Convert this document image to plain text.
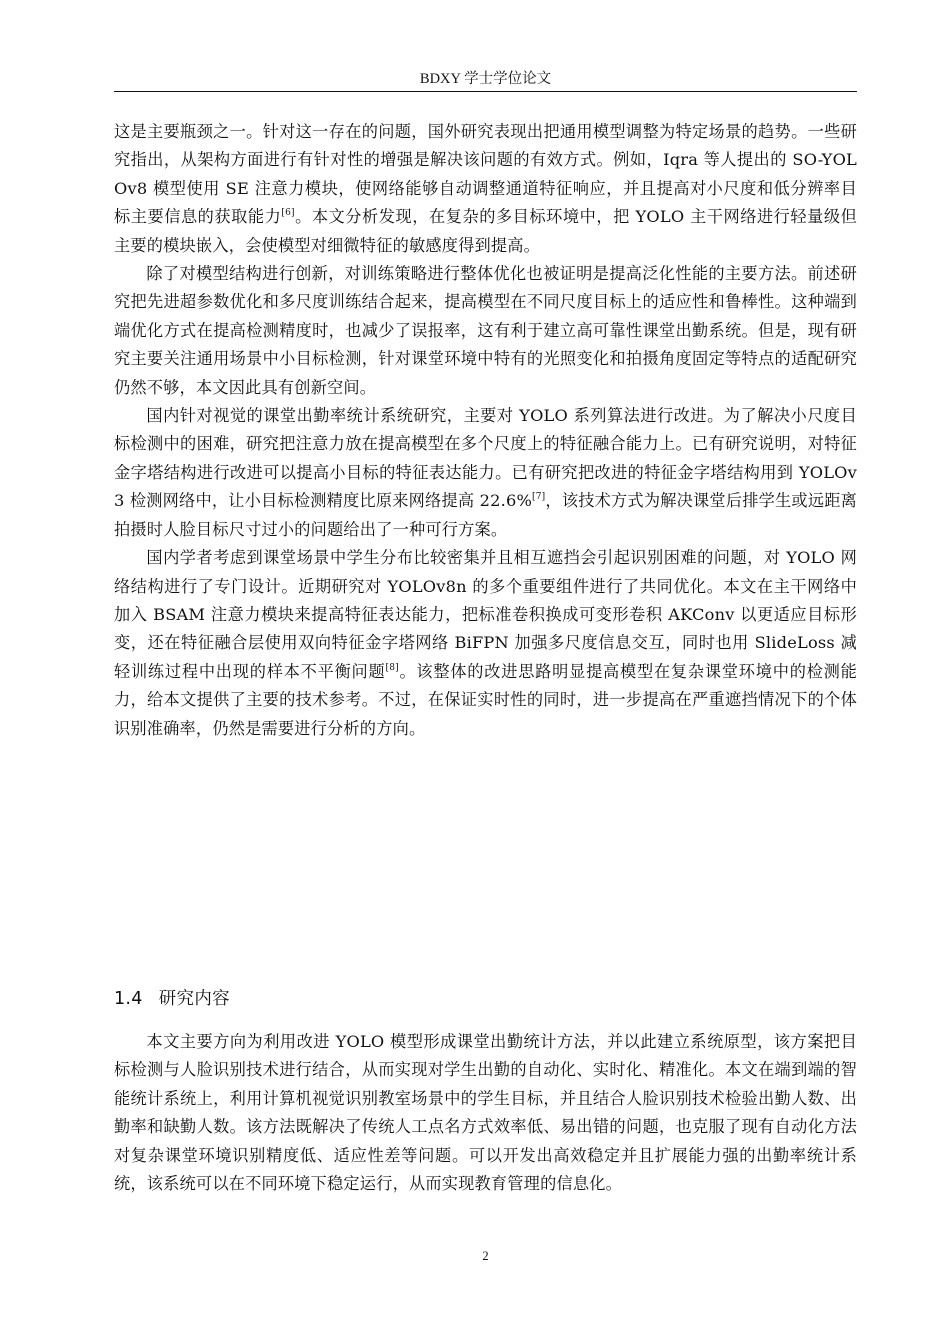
BDXY 学士学位论文

这是主要瓶颈之一。针对这一存在的问题，国外研究表现出把通用模型调整为特定场景的趋势。一些研究指出，从架构方面进行有针对性的增强是解决该问题的有效方式。例如，Iqra 等人提出的 SO-YOLOv8 模型使用 SE 注意力模块，使网络能够自动调整通道特征响应，并且提高对小尺度和低分辨率目标主要信息的获取能力[6]。本文分析发现，在复杂的多目标环境中，把 YOLO 主干网络进行轻量级但主要的模块嵌入，会使模型对细微特征的敏感度得到提高。

除了对模型结构进行创新，对训练策略进行整体优化也被证明是提高泛化性能的主要方法。前述研究把先进超参数优化和多尺度训练结合起来，提高模型在不同尺度目标上的适应性和鲁棒性。这种端到端优化方式在提高检测精度时，也减少了误报率，这有利于建立高可靠性课堂出勤系统。但是，现有研究主要关注通用场景中小目标检测，针对课堂环境中特有的光照变化和拍摄角度固定等特点的适配研究仍然不够，本文因此具有创新空间。

国内针对视觉的课堂出勤率统计系统研究，主要对 YOLO 系列算法进行改进。为了解决小尺度目标检测中的困难，研究把注意力放在提高模型在多个尺度上的特征融合能力上。已有研究说明，对特征金字塔结构进行改进可以提高小目标的特征表达能力。已有研究把改进的特征金字塔结构用到 YOLOv3 检测网络中，让小目标检测精度比原来网络提高 22.6%[7]，该技术方式为解决课堂后排学生或远距离拍摄时人脸目标尺寸过小的问题给出了一种可行方案。

国内学者考虑到课堂场景中学生分布比较密集并且相互遮挡会引起识别困难的问题，对 YOLO 网络结构进行了专门设计。近期研究对 YOLOv8n 的多个重要组件进行了共同优化。本文在主干网络中加入 BSAM 注意力模块来提高特征表达能力，把标准卷积换成可变形卷积 AKConv 以更适应目标形变，还在特征融合层使用双向特征金字塔网络 BiFPN 加强多尺度信息交互，同时也用 SlideLoss 减轻训练过程中出现的样本不平衡问题[8]。该整体的改进思路明显提高模型在复杂课堂环境中的检测能力，给本文提供了主要的技术参考。不过，在保证实时性的同时，进一步提高在严重遮挡情况下的个体识别准确率，仍然是需要进行分析的方向。

1.4 研究内容

本文主要方向为利用改进 YOLO 模型形成课堂出勤统计方法，并以此建立系统原型，该方案把目标检测与人脸识别技术进行结合，从而实现对学生出勤的自动化、实时化、精准化。本文在端到端的智能统计系统上，利用计算机视觉识别教室场景中的学生目标，并且结合人脸识别技术检验出勤人数、出勤率和缺勤人数。该方法既解决了传统人工点名方式效率低、易出错的问题，也克服了现有自动化方法对复杂课堂环境识别精度低、适应性差等问题。可以开发出高效稳定并且扩展能力强的出勤率统计系统，该系统可以在不同环境下稳定运行，从而实现教育管理的信息化。

2
